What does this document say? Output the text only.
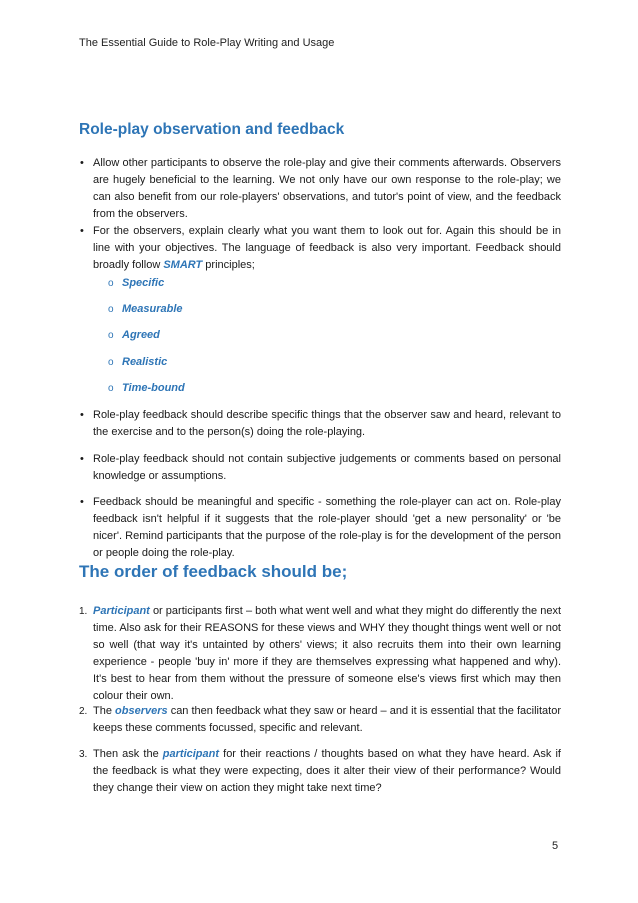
The Essential Guide to Role-Play Writing and Usage
Role-play observation and feedback
• Allow other participants to observe the role-play and give their comments afterwards. Observers are hugely beneficial to the learning. We not only have our own response to the role-play; we can also benefit from our role-players' observations, and tutor's point of view, and the feedback from the observers.
• For the observers, explain clearly what you want them to look out for. Again this should be in line with your objectives. The language of feedback is also very important. Feedback should broadly follow SMART principles;
o Specific
o Measurable
o Agreed
o Realistic
o Time-bound
• Role-play feedback should describe specific things that the observer saw and heard, relevant to the exercise and to the person(s) doing the role-playing.
• Role-play feedback should not contain subjective judgements or comments based on personal knowledge or assumptions.
• Feedback should be meaningful and specific - something the role-player can act on. Role-play feedback isn't helpful if it suggests that the role-player should 'get a new personality' or 'be nicer'. Remind participants that the purpose of the role-play is for the development of the person or people doing the role-play.
The order of feedback should be;
1. Participant or participants first – both what went well and what they might do differently the next time. Also ask for their REASONS for these views and WHY they thought things went well or not so well (that way it's untainted by others' views; it also recruits them into their own learning experience - people 'buy in' more if they are themselves expressing what happened and why). It's best to hear from them without the pressure of someone else's views first which may then colour their own.
2. The observers can then feedback what they saw or heard – and it is essential that the facilitator keeps these comments focussed, specific and relevant.
3. Then ask the participant for their reactions / thoughts based on what they have heard. Ask if the feedback is what they were expecting, does it alter their view of their performance? Would they change their view on action they might take next time?
5
